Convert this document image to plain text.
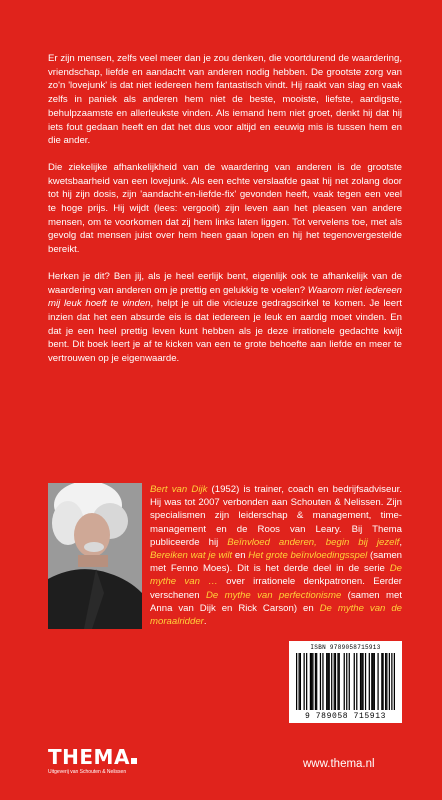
Er zijn mensen, zelfs veel meer dan je zou denken, die voortdurend de waardering, vriendschap, liefde en aandacht van anderen nodig hebben. De grootste zorg van zo'n 'lovejunk' is dat niet iedereen hem fantastisch vindt. Hij raakt van slag en vaak zelfs in paniek als anderen hem niet de beste, mooiste, liefste, aardigste, behulpzaamste en allerleukste vinden. Als iemand hem niet groet, denkt hij dat hij iets fout gedaan heeft en dat het dus voor altijd en eeuwig mis is tussen hem en die ander.

Die ziekelijke afhankelijkheid van de waardering van anderen is de grootste kwetsbaarheid van een lovejunk. Als een echte verslaafde gaat hij net zolang door tot hij zijn dosis, zijn 'aandacht-en-liefde-fix' gevonden heeft, vaak tegen een veel te hoge prijs. Hij wijdt (lees: vergooit) zijn leven aan het pleasen van andere mensen, om te voorkomen dat zij hem links laten liggen. Tot vervelens toe, met als gevolg dat mensen juist over hem heen gaan lopen en hij het tegenovergestelde bereikt.

Herken je dit? Ben jij, als je heel eerlijk bent, eigenlijk ook te afhankelijk van de waardering van anderen om je prettig en gelukkig te voelen? Waarom niet iedereen mij leuk hoeft te vinden, helpt je uit die vicieuze gedragscirkel te komen. Je leert inzien dat het een absurde eis is dat iedereen je leuk en aardig moet vinden. En dat je een heel prettig leven kunt hebben als je deze irrationele gedachte kwijt bent. Dit boek leert je af te kicken van een te grote behoefte aan liefde en meer te vertrouwen op je eigenwaarde.

Bert van Dijk (1952) is trainer, coach en bedrijfsadviseur. Hij was tot 2007 verbonden aan Schouten & Nelissen. Zijn specialismen zijn leiderschap & management, time-management en de Roos van Leary. Bij Thema publiceerde hij Beïnvloed anderen, begin bij jezelf, Bereiken wat je wilt en Het grote beïnvloedingsspel (samen met Fenno Moes). Dit is het derde deel in de serie De mythe van … over irrationele denkpatronen. Eerder verschenen De mythe van perfectionisme (samen met Anna van Dijk en Rick Carson) en De mythe van de moraalridder.
ISBN 9789058715913
9 789058 715913
THEMA
Uitgeverij van Schouten & Nelissen
www.thema.nl
